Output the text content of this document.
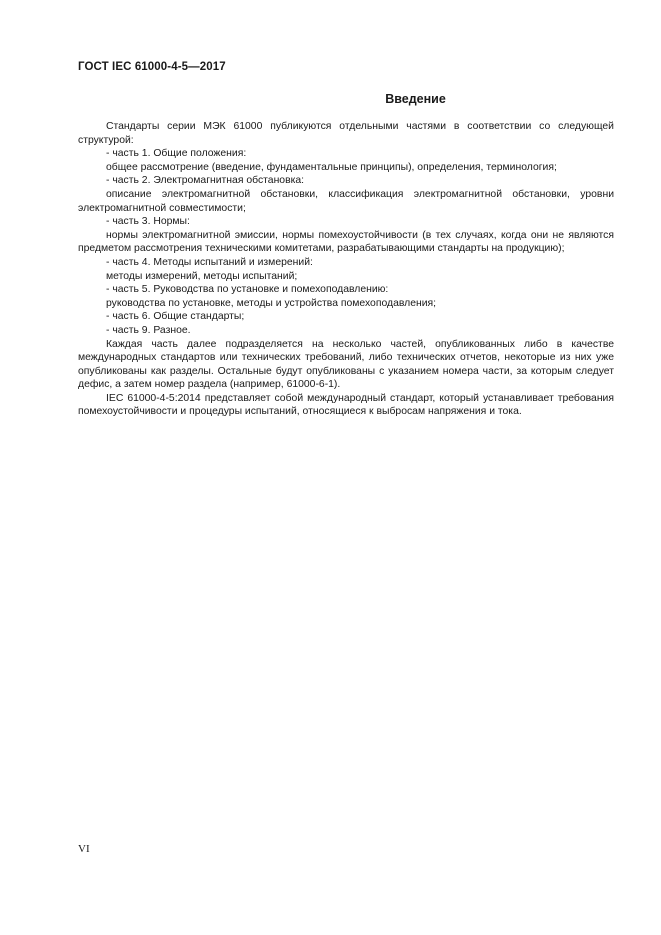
ГОСТ IEC 61000-4-5—2017
Введение

Стандарты серии МЭК 61000 публикуются отдельными частями в соответствии со следующей структурой:

- часть 1. Общие положения:

общее рассмотрение (введение, фундаментальные принципы), определения, терминология;

- часть 2. Электромагнитная обстановка:

описание электромагнитной обстановки, классификация электромагнитной обстановки, уровни электромагнитной совместимости;

- часть 3. Нормы:

нормы электромагнитной эмиссии, нормы помехоустойчивости (в тех случаях, когда они не являются предметом рассмотрения техническими комитетами, разрабатывающими стандарты на продукцию);

- часть 4. Методы испытаний и измерений:

методы измерений, методы испытаний;

- часть 5. Руководства по установке и помехоподавлению:

руководства по установке, методы и устройства помехоподавления;

- часть 6. Общие стандарты;

- часть 9. Разное.

Каждая часть далее подразделяется на несколько частей, опубликованных либо в качестве международных стандартов или технических требований, либо технических отчетов, некоторые из них уже опубликованы как разделы. Остальные будут опубликованы с указанием номера части, за которым следует дефис, а затем номер раздела (например, 61000-6-1).

IEC 61000-4-5:2014 представляет собой международный стандарт, который устанавливает требования помехоустойчивости и процедуры испытаний, относящиеся к выбросам напряжения и тока.

VI
